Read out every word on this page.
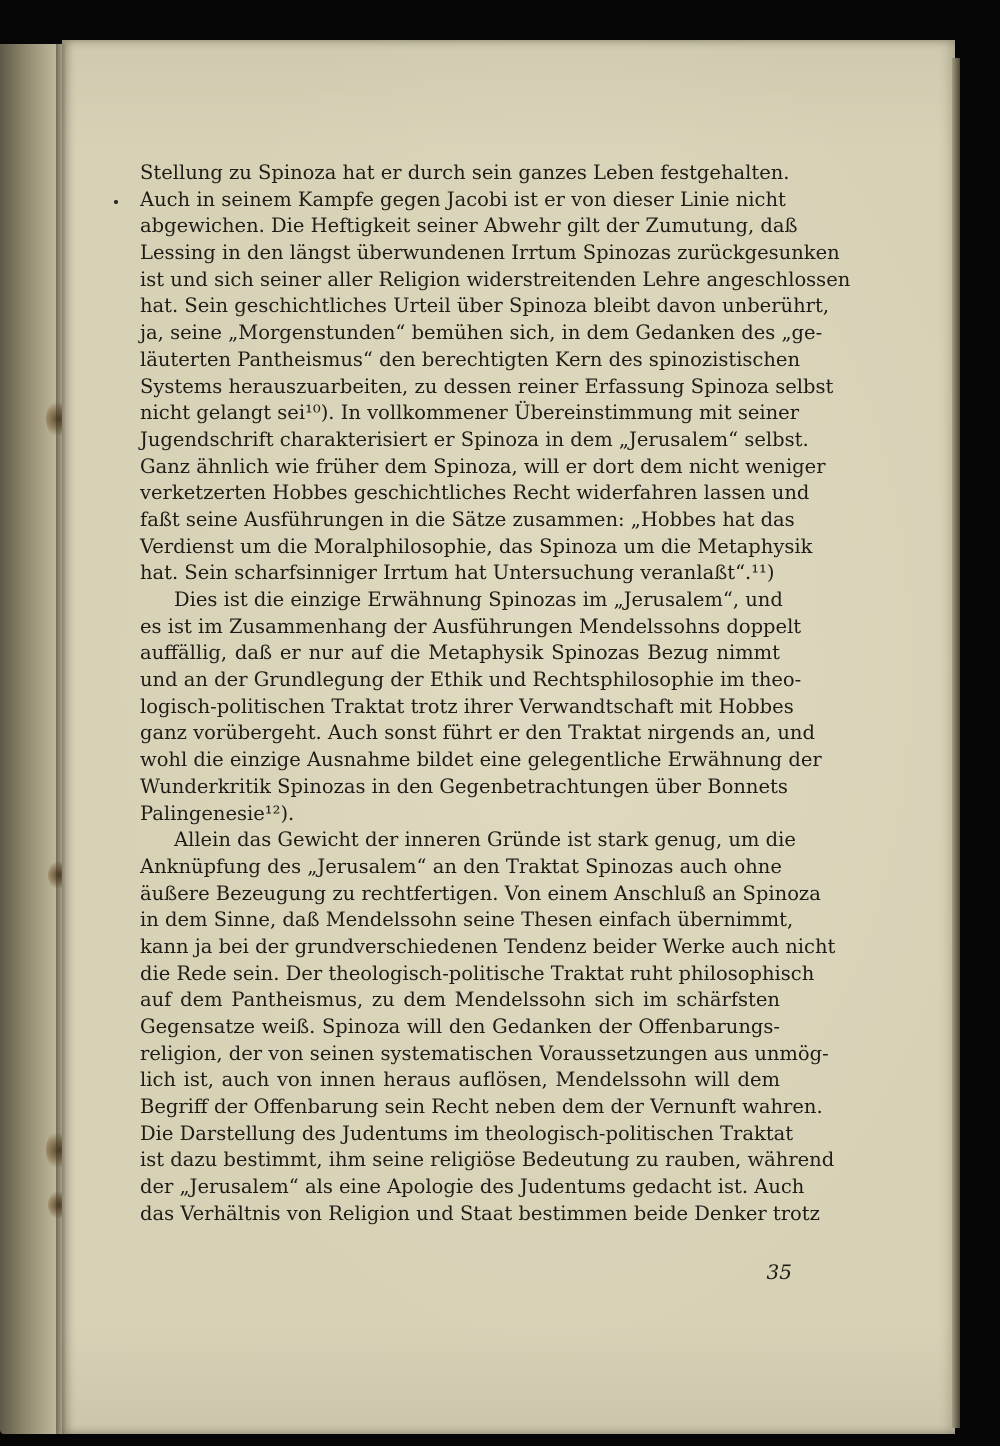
Stellung zu Spinoza hat er durch sein ganzes Leben festgehalten.
Auch in seinem Kampfe gegen Jacobi ist er von dieser Linie nicht
abgewichen. Die Heftigkeit seiner Abwehr gilt der Zumutung, daß
Lessing in den längst überwundenen Irrtum Spinozas zurückgesunken
ist und sich seiner aller Religion widerstreitenden Lehre angeschlossen
hat. Sein geschichtliches Urteil über Spinoza bleibt davon unberührt,
ja, seine „Morgenstunden“ bemühen sich, in dem Gedanken des „ge-
läuterten Pantheismus“ den berechtigten Kern des spinozistischen
Systems herauszuarbeiten, zu dessen reiner Erfassung Spinoza selbst
nicht gelangt sei¹⁰). In vollkommener Übereinstimmung mit seiner
Jugendschrift charakterisiert er Spinoza in dem „Jerusalem“ selbst.
Ganz ähnlich wie früher dem Spinoza, will er dort dem nicht weniger
verketzerten Hobbes geschichtliches Recht widerfahren lassen und
faßt seine Ausführungen in die Sätze zusammen: „Hobbes hat das
Verdienst um die Moralphilosophie, das Spinoza um die Metaphysik
hat. Sein scharfsinniger Irrtum hat Untersuchung veranlaßt“.¹¹)
Dies ist die einzige Erwähnung Spinozas im „Jerusalem“, und
es ist im Zusammenhang der Ausführungen Mendelssohns doppelt
auffällig, daß er nur auf die Metaphysik Spinozas Bezug nimmt
und an der Grundlegung der Ethik und Rechtsphilosophie im theo-
logisch-politischen Traktat trotz ihrer Verwandtschaft mit Hobbes
ganz vorübergeht. Auch sonst führt er den Traktat nirgends an, und
wohl die einzige Ausnahme bildet eine gelegentliche Erwähnung der
Wunderkritik Spinozas in den Gegenbetrachtungen über Bonnets
Palingenesie¹²).
Allein das Gewicht der inneren Gründe ist stark genug, um die
Anknüpfung des „Jerusalem“ an den Traktat Spinozas auch ohne
äußere Bezeugung zu rechtfertigen. Von einem Anschluß an Spinoza
in dem Sinne, daß Mendelssohn seine Thesen einfach übernimmt,
kann ja bei der grundverschiedenen Tendenz beider Werke auch nicht
die Rede sein. Der theologisch-politische Traktat ruht philosophisch
auf dem Pantheismus, zu dem Mendelssohn sich im schärfsten
Gegensatze weiß. Spinoza will den Gedanken der Offenbarungs-
religion, der von seinen systematischen Voraussetzungen aus unmög-
lich ist, auch von innen heraus auflösen, Mendelssohn will dem
Begriff der Offenbarung sein Recht neben dem der Vernunft wahren.
Die Darstellung des Judentums im theologisch-politischen Traktat
ist dazu bestimmt, ihm seine religiöse Bedeutung zu rauben, während
der „Jerusalem“ als eine Apologie des Judentums gedacht ist. Auch
das Verhältnis von Religion und Staat bestimmen beide Denker trotz
35
